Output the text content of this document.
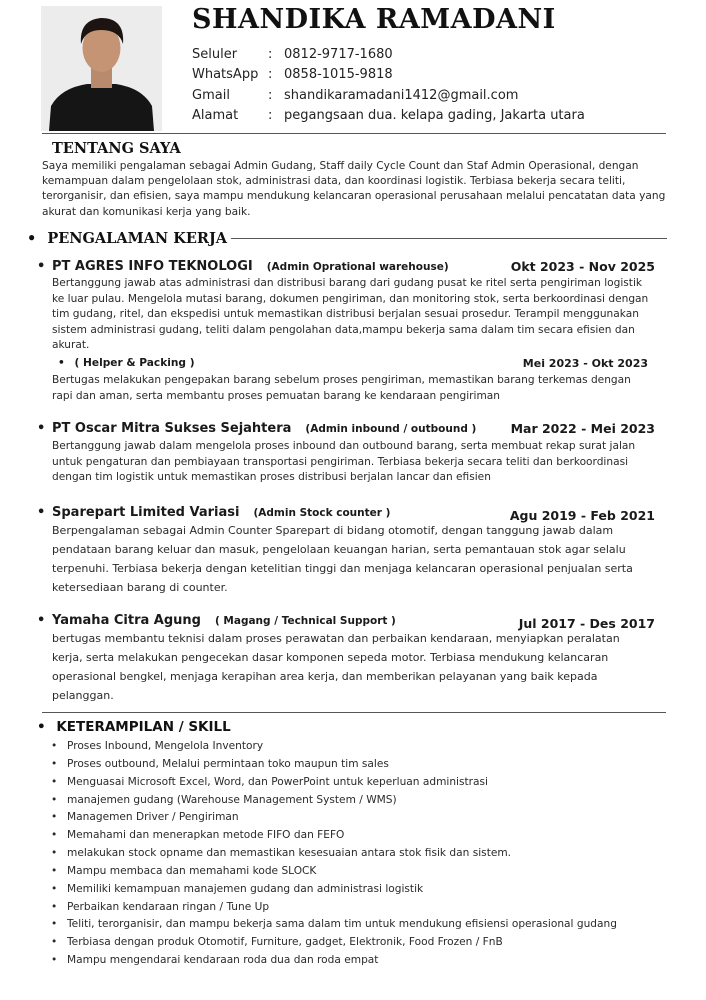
SHANDIKA RAMADANI
Seluler	: 0812-9717-1680
WhatsApp : 0858-1015-9818
Gmail	: shandikaramadani1412@gmail.com
Alamat	: pegangsaan dua. kelapa gading, Jakarta utara
TENTANG SAYA
Saya memiliki pengalaman sebagai Admin Gudang, Staff daily Cycle Count dan Staf Admin Operasional, dengan kemampuan dalam pengelolaan stok, administrasi data, dan koordinasi logistik. Terbiasa bekerja secara teliti, terorganisir, dan efisien, saya mampu mendukung kelancaran operasional perusahaan melalui pencatatan data yang akurat dan komunikasi kerja yang baik.
• PENGALAMAN KERJA
• PT AGRES INFO TEKNOLOGI (Admin Oprational warehouse)	Okt 2023 - Nov 2025
Bertanggung jawab atas administrasi dan distribusi barang dari gudang pusat ke ritel serta pengiriman logistik ke luar pulau. Mengelola mutasi barang, dokumen pengiriman, dan monitoring stok, serta berkoordinasi dengan tim gudang, ritel, dan ekspedisi untuk memastikan distribusi berjalan sesuai prosedur. Terampil menggunakan sistem administrasi gudang, teliti dalam pengolahan data,mampu bekerja sama dalam tim secara efisien dan akurat.
• ( Helper & Packing )	Mei 2023 - Okt 2023
Bertugas melakukan pengepakan barang sebelum proses pengiriman, memastikan barang terkemas dengan rapi dan aman, serta membantu proses pemuatan barang ke kendaraan pengiriman
• PT Oscar Mitra Sukses Sejahtera (Admin inbound / outbound )	Mar 2022 - Mei 2023
Bertanggung jawab dalam mengelola proses inbound dan outbound barang, serta membuat rekap surat jalan untuk pengaturan dan pembiayaan transportasi pengiriman. Terbiasa bekerja secara teliti dan berkoordinasi dengan tim logistik untuk memastikan proses distribusi berjalan lancar dan efisien
• Sparepart Limited Variasi (Admin Stock counter )	Agu 2019 - Feb 2021
Berpengalaman sebagai Admin Counter Sparepart di bidang otomotif, dengan tanggung jawab dalam pendataan barang keluar dan masuk, pengelolaan keuangan harian, serta pemantauan stok agar selalu terpenuhi. Terbiasa bekerja dengan ketelitian tinggi dan menjaga kelancaran operasional penjualan serta ketersediaan barang di counter.
• Yamaha Citra Agung ( Magang / Technical Support )	Jul 2017 - Des 2017
bertugas membantu teknisi dalam proses perawatan dan perbaikan kendaraan, menyiapkan peralatan kerja, serta melakukan pengecekan dasar komponen sepeda motor. Terbiasa mendukung kelancaran operasional bengkel, menjaga kerapihan area kerja, dan memberikan pelayanan yang baik kepada pelanggan.
• KETERAMPILAN / SKILL
• Proses Inbound, Mengelola Inventory
• Proses outbound, Melalui permintaan toko maupun tim sales
• Menguasai Microsoft Excel, Word, dan PowerPoint untuk keperluan administrasi
• manajemen gudang (Warehouse Management System / WMS)
• Managemen Driver / Pengiriman
• Memahami dan menerapkan metode FIFO dan FEFO
• melakukan stock opname dan memastikan kesesuaian antara stok fisik dan sistem.
• Mampu membaca dan memahami kode SLOCK
• Memiliki kemampuan manajemen gudang dan administrasi logistik
• Perbaikan kendaraan ringan / Tune Up
• Teliti, terorganisir, dan mampu bekerja sama dalam tim untuk mendukung efisiensi operasional gudang
• Terbiasa dengan produk Otomotif, Furniture, gadget, Elektronik, Food Frozen / FnB
• Mampu mengendarai kendaraan roda dua dan roda empat
